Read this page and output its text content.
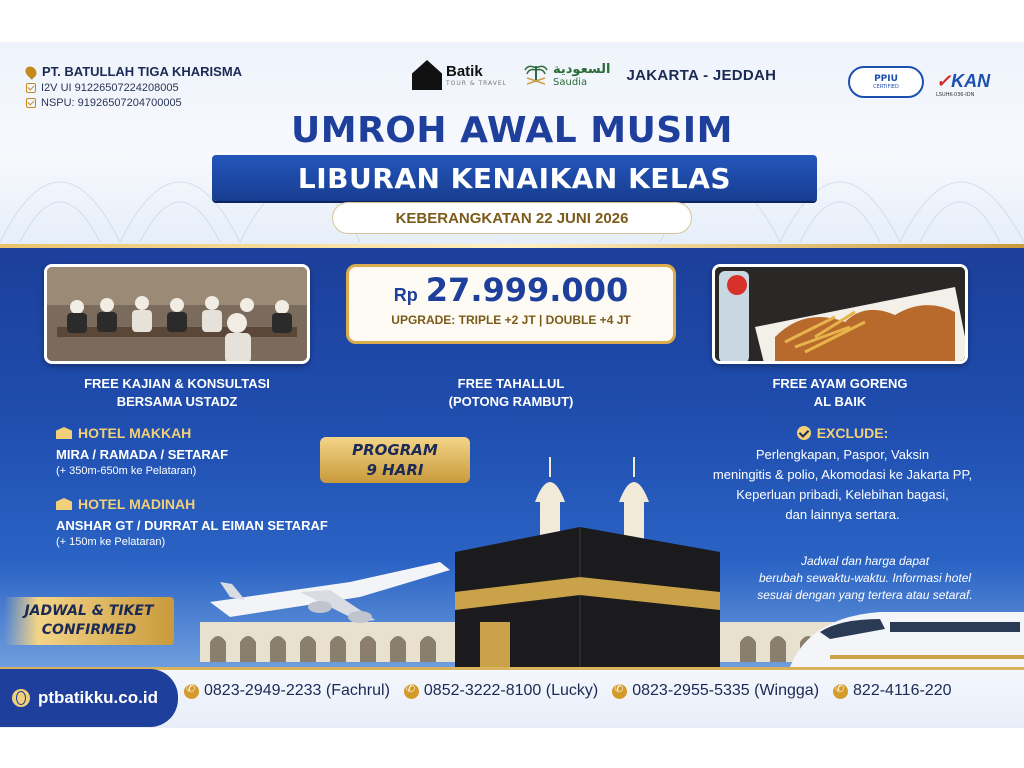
PT. BATULLAH TIGA KHARISMA
I2V UI 91226507224208005
NSPU: 91926507204700005
Batik
TOUR & TRAVEL
السعودية
Saudia	JAKARTA - JEDDAH	PPIU
CERTIFIED ✓KAN
LSUHK-036-IDN
UMROH AWAL MUSIM
LIBURAN KENAIKAN KELAS
KEBERANGKATAN 22 JUNI 2026
Rp 27.999.000
UPGRADE: TRIPLE +2 JT | DOUBLE +4 JT
FREE KAJIAN & KONSULTASI
BERSAMA USTADZ
FREE TAHALLUL
(POTONG RAMBUT)
FREE AYAM GORENG
AL BAIK
HOTEL MAKKAH
MIRA / RAMADA / SETARAF
(+ 350m-650m ke Pelataran)
HOTEL MADINAH
ANSHAR GT / DURRAT AL EIMAN SETARAF
(+ 150m ke Pelataran)
PROGRAM
9 HARI
EXCLUDE:
Perlengkapan, Paspor, Vaksin
meningitis & polio, Akomodasi ke Jakarta PP,
Keperluan pribadi, Kelebihan bagasi,
dan lainnya sertara.
Jadwal dan harga dapat
berubah sewaktu-waktu. Informasi hotel
sesuai dengan yang tertera atau setaraf.
JADWAL & TIKET
CONFIRMED
ptbatikku.co.id ✆	0823-2949-2233 (Fachrul) ✆ 0852-3222-8100 (Lucky) ✆ 0823-2955-5335 (Wingga) ✆ 822-4116-220
